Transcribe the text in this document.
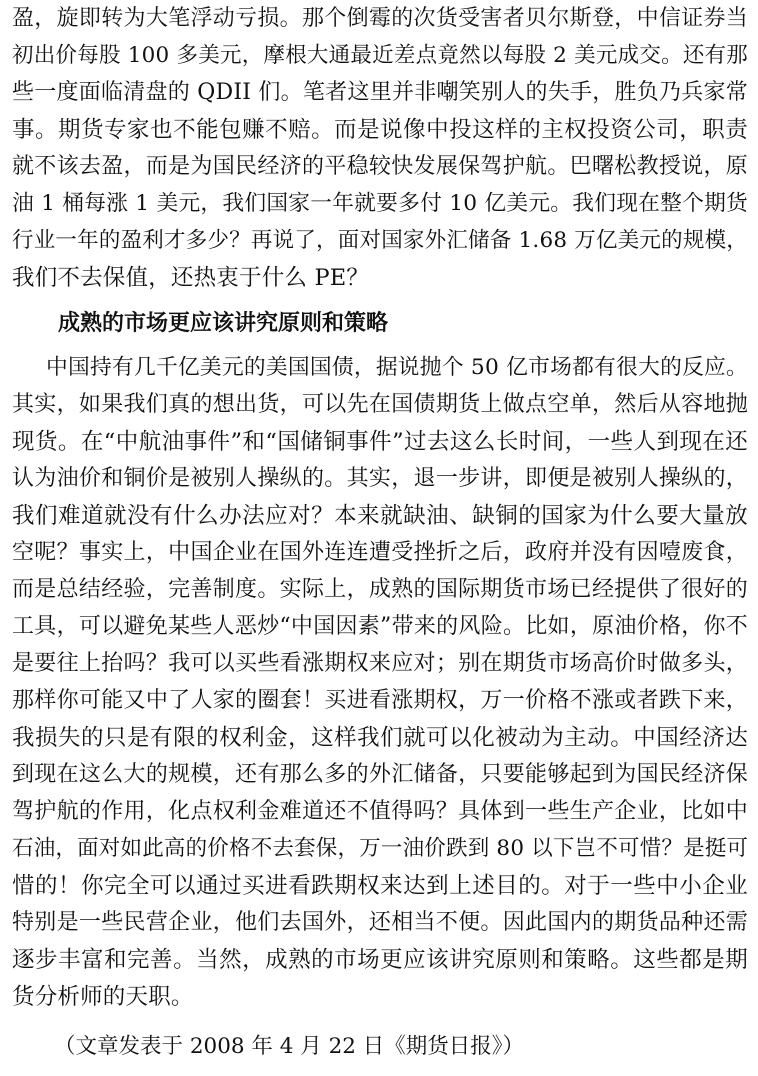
盈，旋即转为大笔浮动亏损。那个倒霉的次货受害者贝尔斯登，中信证券当
初出价每股 100 多美元，摩根大通最近差点竟然以每股 2 美元成交。还有那
些一度面临清盘的 QDII 们。笔者这里并非嘲笑别人的失手，胜负乃兵家常
事。期货专家也不能包赚不赔。而是说像中投这样的主权投资公司，职责
就不该去盈，而是为国民经济的平稳较快发展保驾护航。巴曙松教授说，原
油 1 桶每涨 1 美元，我们国家一年就要多付 10 亿美元。我们现在整个期货
行业一年的盈利才多少？再说了，面对国家外汇储备 1.68 万亿美元的规模，
我们不去保值，还热衷于什么 PE？
成熟的市场更应该讲究原则和策略
中国持有几千亿美元的美国国债，据说抛个 50 亿市场都有很大的反应。
其实，如果我们真的想出货，可以先在国债期货上做点空单，然后从容地抛
现货。在“中航油事件”和“国储铜事件”过去这么长时间，一些人到现在还
认为油价和铜价是被别人操纵的。其实，退一步讲，即便是被别人操纵的，
我们难道就没有什么办法应对？本来就缺油、缺铜的国家为什么要大量放
空呢？事实上，中国企业在国外连连遭受挫折之后，政府并没有因噎废食，
而是总结经验，完善制度。实际上，成熟的国际期货市场已经提供了很好的
工具，可以避免某些人恶炒“中国因素”带来的风险。比如，原油价格，你不
是要往上抬吗？我可以买些看涨期权来应对；别在期货市场高价时做多头，
那样你可能又中了人家的圈套！买进看涨期权，万一价格不涨或者跌下来，
我损失的只是有限的权利金，这样我们就可以化被动为主动。中国经济达
到现在这么大的规模，还有那么多的外汇储备，只要能够起到为国民经济保
驾护航的作用，化点权利金难道还不值得吗？具体到一些生产企业，比如中
石油，面对如此高的价格不去套保，万一油价跌到 80 以下岂不可惜？是挺可
惜的！你完全可以通过买进看跌期权来达到上述目的。对于一些中小企业
特别是一些民营企业，他们去国外，还相当不便。因此国内的期货品种还需
逐步丰富和完善。当然，成熟的市场更应该讲究原则和策略。这些都是期
货分析师的天职。
（文章发表于 2008 年 4 月 22 日《期货日报》）
